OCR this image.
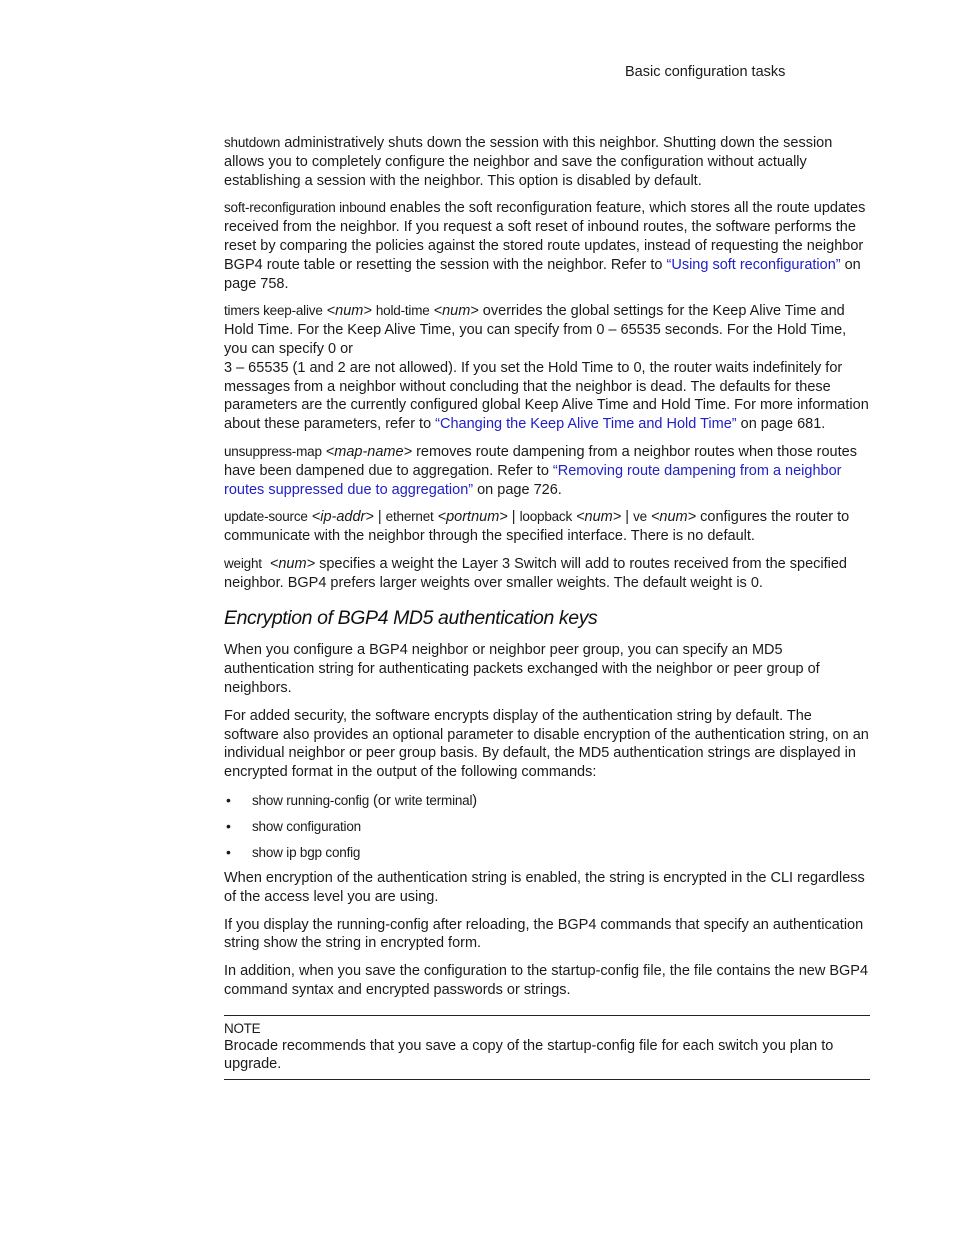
Basic configuration tasks

shutdown administratively shuts down the session with this neighbor. Shutting down the session allows you to completely configure the neighbor and save the configuration without actually establishing a session with the neighbor. This option is disabled by default.

soft-reconfiguration inbound enables the soft reconfiguration feature, which stores all the route updates received from the neighbor. If you request a soft reset of inbound routes, the software performs the reset by comparing the policies against the stored route updates, instead of requesting the neighbor BGP4 route table or resetting the session with the neighbor. Refer to “Using soft reconfiguration” on page 758.

timers keep-alive <num> hold-time <num> overrides the global settings for the Keep Alive Time and Hold Time. For the Keep Alive Time, you can specify from 0 – 65535 seconds. For the Hold Time, you can specify 0 or
3 – 65535 (1 and 2 are not allowed). If you set the Hold Time to 0, the router waits indefinitely for messages from a neighbor without concluding that the neighbor is dead. The defaults for these parameters are the currently configured global Keep Alive Time and Hold Time. For more information about these parameters, refer to “Changing the Keep Alive Time and Hold Time” on page 681.

unsuppress-map <map-name> removes route dampening from a neighbor routes when those routes have been dampened due to aggregation. Refer to “Removing route dampening from a neighbor routes suppressed due to aggregation” on page 726.

update-source <ip-addr> | ethernet <portnum> | loopback <num> | ve <num> configures the router to communicate with the neighbor through the specified interface. There is no default.

weight <num> specifies a weight the Layer 3 Switch will add to routes received from the specified neighbor. BGP4 prefers larger weights over smaller weights. The default weight is 0.

Encryption of BGP4 MD5 authentication keys

When you configure a BGP4 neighbor or neighbor peer group, you can specify an MD5 authentication string for authenticating packets exchanged with the neighbor or peer group of neighbors.

For added security, the software encrypts display of the authentication string by default. The software also provides an optional parameter to disable encryption of the authentication string, on an individual neighbor or peer group basis. By default, the MD5 authentication strings are displayed in encrypted format in the output of the following commands:

• show running-config (or write terminal)
• show configuration
• show ip bgp config

When encryption of the authentication string is enabled, the string is encrypted in the CLI regardless of the access level you are using.

If you display the running-config after reloading, the BGP4 commands that specify an authentication string show the string in encrypted form.

In addition, when you save the configuration to the startup-config file, the file contains the new BGP4 command syntax and encrypted passwords or strings.

NOTE
Brocade recommends that you save a copy of the startup-config file for each switch you plan to upgrade.
